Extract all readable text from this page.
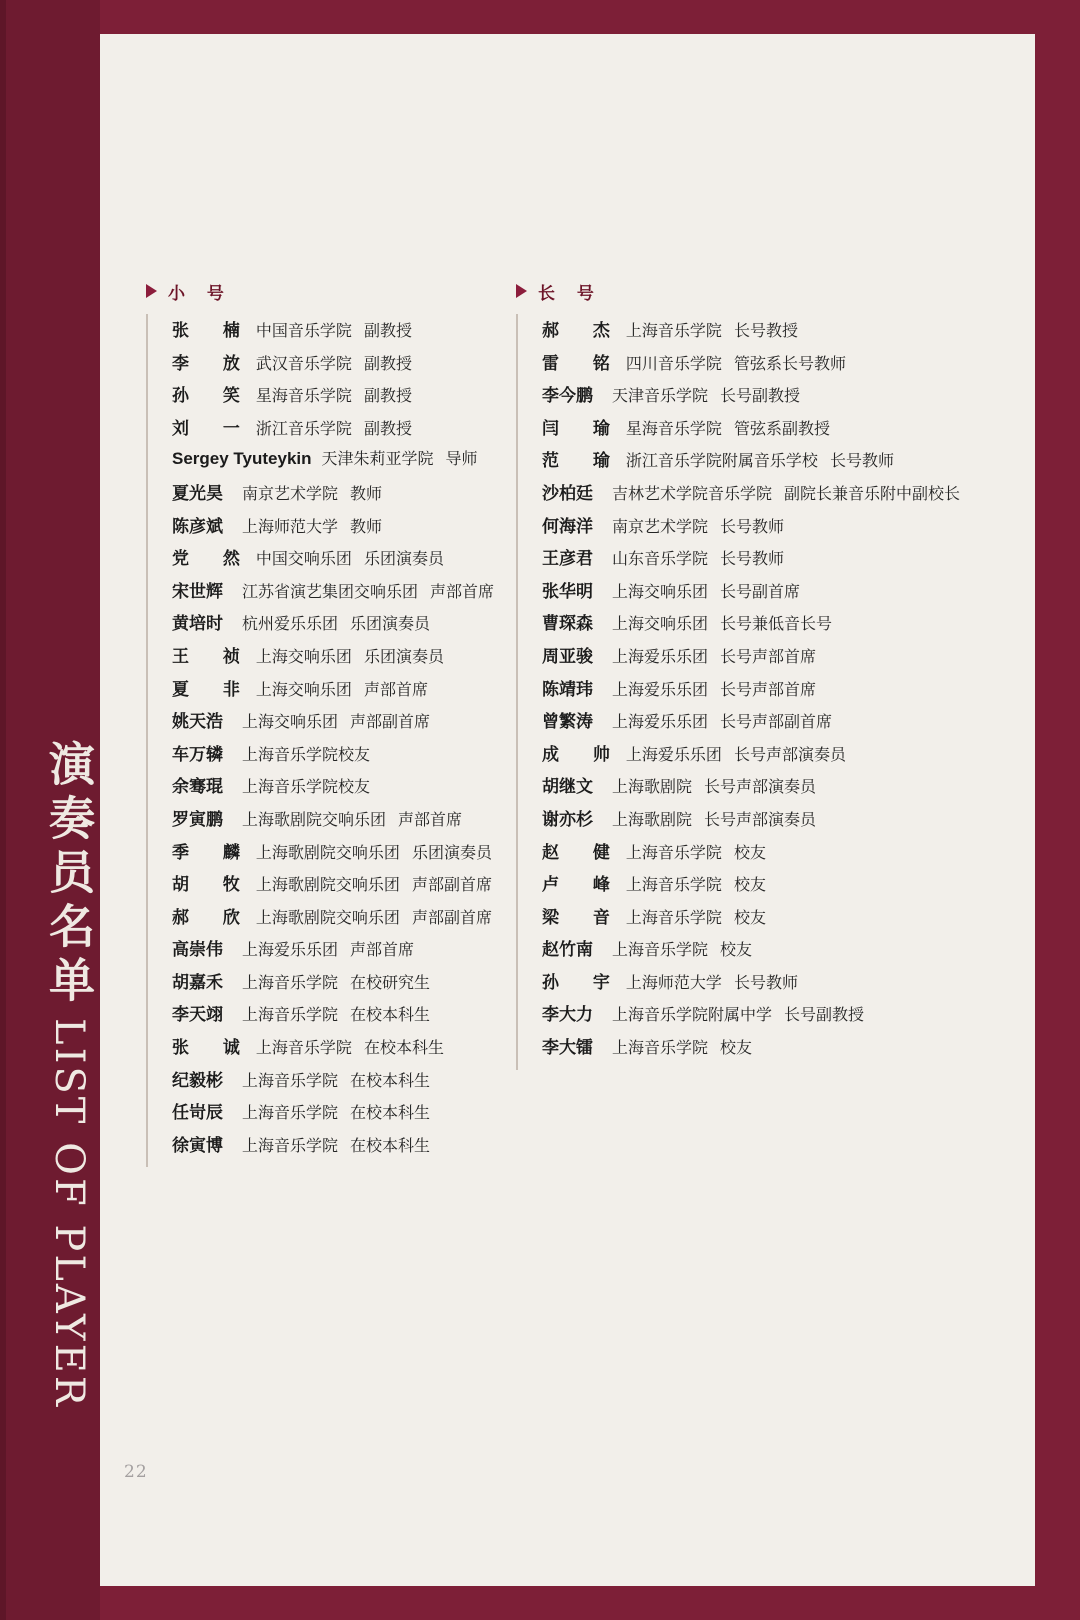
演奏员名单 LIST OF PLAYER
22
小 号
张 楠 中国音乐学院 副教授
李 放 武汉音乐学院 副教授
孙 笑 星海音乐学院 副教授
刘 一 浙江音乐学院 副教授
Sergey Tyuteykin 天津朱莉亚学院 导师
夏光昊	南京艺术学院 教师
陈彦斌	上海师范大学 教师
党 然 中国交响乐团 乐团演奏员
宋世辉	江苏省演艺集团交响乐团 声部首席
黄培时	杭州爱乐乐团 乐团演奏员
王 祯 上海交响乐团 乐团演奏员
夏 非 上海交响乐团 声部首席
姚天浩	上海交响乐团 声部副首席
车万辚	上海音乐学院校友
余骞琨	上海音乐学院校友
罗寅鹏	上海歌剧院交响乐团 声部首席
季 麟 上海歌剧院交响乐团 乐团演奏员
胡 牧 上海歌剧院交响乐团 声部副首席
郝 欣 上海歌剧院交响乐团 声部副首席
高崇伟	上海爱乐乐团 声部首席
胡嘉禾	上海音乐学院 在校研究生
李天翊	上海音乐学院 在校本科生
张 诚 上海音乐学院 在校本科生
纪毅彬	上海音乐学院 在校本科生
任岢辰	上海音乐学院 在校本科生
徐寅博	上海音乐学院 在校本科生
长 号
郝 杰 上海音乐学院 长号教授
雷 铭 四川音乐学院 管弦系长号教师
李今鹏	天津音乐学院 长号副教授
闫 瑜 星海音乐学院 管弦系副教授
范 瑜 浙江音乐学院附属音乐学校 长号教师
沙柏廷	吉林艺术学院音乐学院 副院长兼音乐附中副校长
何海洋	南京艺术学院 长号教师
王彦君	山东音乐学院 长号教师
张华明	上海交响乐团 长号副首席
曹琛森	上海交响乐团 长号兼低音长号
周亚骏	上海爱乐乐团 长号声部首席
陈靖玮	上海爱乐乐团 长号声部首席
曾繁涛	上海爱乐乐团 长号声部副首席
成 帅 上海爱乐乐团 长号声部演奏员
胡继文	上海歌剧院 长号声部演奏员
谢亦杉	上海歌剧院 长号声部演奏员
赵 健 上海音乐学院 校友
卢 峰 上海音乐学院 校友
梁 音 上海音乐学院 校友
赵竹南	上海音乐学院 校友
孙 宇 上海师范大学 长号教师
李大力	上海音乐学院附属中学 长号副教授
李大镭	上海音乐学院 校友
